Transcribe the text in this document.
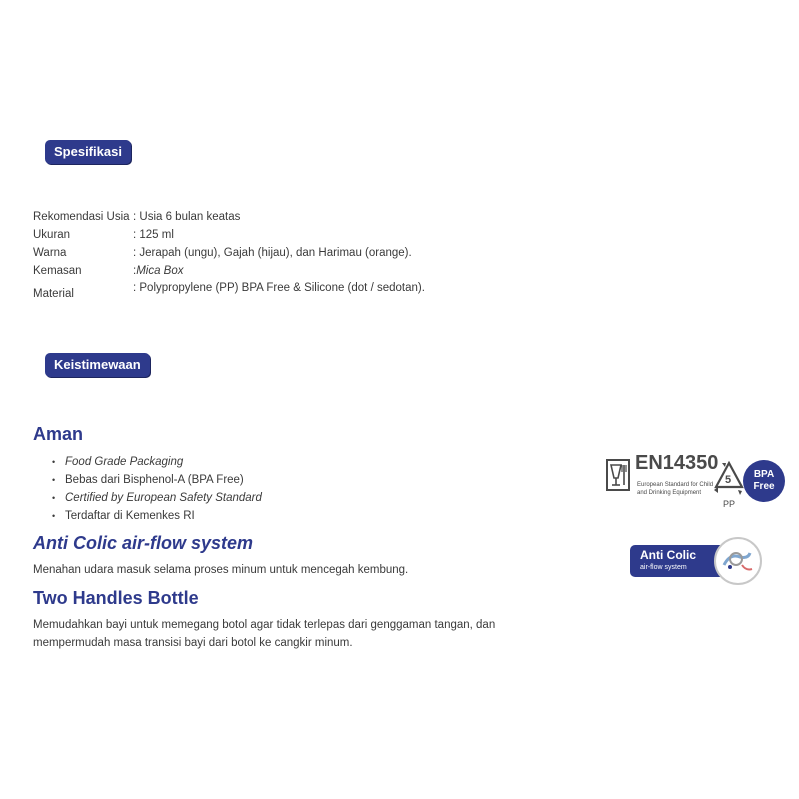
Spesifikasi
Rekomendasi Usia : Usia 6 bulan keatas
Ukuran	: 125 ml
Warna	: Jerapah (ungu), Gajah (hijau), dan Harimau (orange).
Kemasan	:Mica Box
Material	: Polypropylene (PP) BPA Free & Silicone (dot / sedotan).
Keistimewaan
Aman
• Food Grade Packaging
• Bebas dari Bisphenol-A (BPA Free)
• Certified by European Safety Standard
• Terdaftar di Kemenkes RI
Anti Colic air-flow system
Menahan udara masuk selama proses minum untuk mencegah kembung.
Two Handles Bottle
Memudahkan bayi untuk memegang botol agar tidak terlepas dari genggaman tangan, dan
mempermudah masa transisi bayi dari botol ke cangkir minum.
EN14350
European Standard for Child and Drinking Equipment
5
PP
BPA
Free
Anti Colic
air-flow system
